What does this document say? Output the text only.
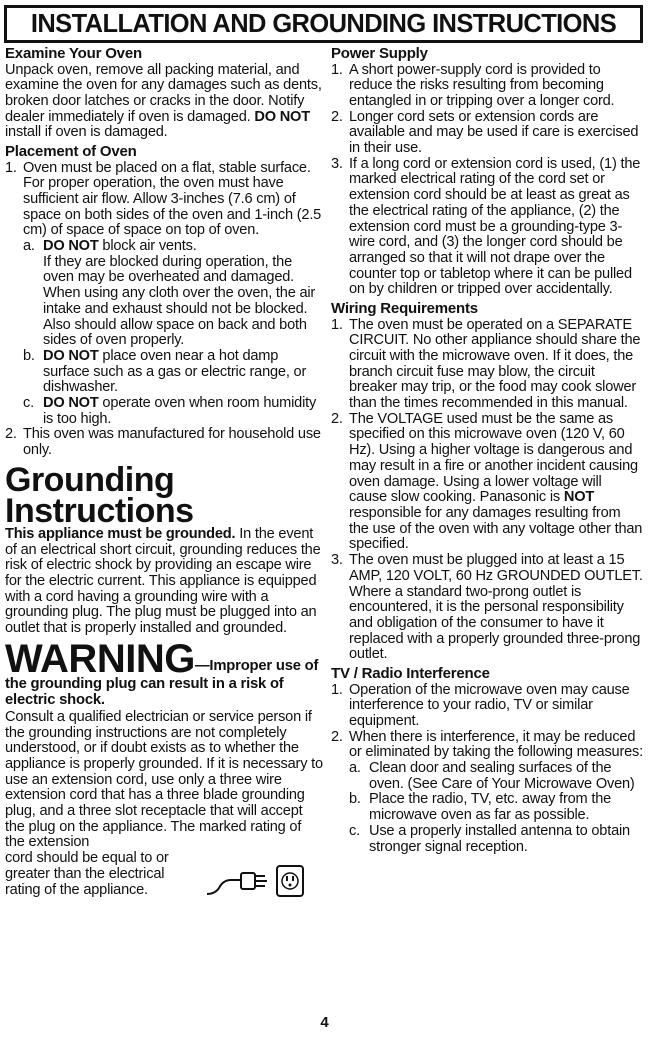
INSTALLATION AND GROUNDING INSTRUCTIONS
Examine Your Oven

Unpack oven, remove all packing material, and examine the oven for any damages such as dents, broken door latches or cracks in the door. Notify dealer immediately if oven is damaged. DO NOT install if oven is damaged.

Placement of Oven
1. Oven must be placed on a flat, stable surface. For proper operation, the oven must have sufficient air flow. Allow 3-inches (7.6 cm) of space on both sides of the oven and 1-inch (2.5 cm) of space of space on top of oven.
a. DO NOT block air vents.

If they are blocked during operation, the oven may be overheated and damaged.

When using any cloth over the oven, the air intake and exhaust should not be blocked. Also should allow space on back and both sides of oven properly.

b. DO NOT place oven near a hot damp surface such as a gas or electric range, or dishwasher.
c. DO NOT operate oven when room humidity is too high.
2. This oven was manufactured for household use only.
Grounding
Instructions

This appliance must be grounded. In the event of an electrical short circuit, grounding reduces the risk of electric shock by providing an escape wire for the electric current. This appliance is equipped with a cord having a grounding wire with a grounding plug. The plug must be plugged into an outlet that is properly installed and grounded.

WARNING —Improper use of
the grounding plug can result in a risk of electric shock.

Consult a qualified electrician or service person if the grounding instructions are not completely understood, or if doubt exists as to whether the appliance is properly grounded. If it is necessary to use an extension cord, use only a three wire extension cord that has a three blade grounding plug, and a three slot receptacle that will accept the plug on the appliance. The marked rating of the extension

cord should be equal to or greater than the electrical rating of the appliance.
Power Supply
1. A short power-supply cord is provided to reduce the risks resulting from becoming entangled in or tripping over a longer cord.
2. Longer cord sets or extension cords are available and may be used if care is exercised in their use.
3. If a long cord or extension cord is used, (1) the marked electrical rating of the cord set or extension cord should be at least as great as the electrical rating of the appliance, (2) the extension cord must be a grounding-type 3-wire cord, and (3) the longer cord should be arranged so that it will not drape over the counter top or tabletop where it can be pulled on by children or tripped over accidentally.
Wiring Requirements
1. The oven must be operated on a SEPARATE CIRCUIT. No other appliance should share the circuit with the microwave oven. If it does, the branch circuit fuse may blow, the circuit breaker may trip, or the food may cook slower than the times recommended in this manual.
2. The VOLTAGE used must be the same as specified on this microwave oven (120 V, 60 Hz). Using a higher voltage is dangerous and may result in a fire or another incident causing oven damage. Using a lower voltage will cause slow cooking. Panasonic is NOT responsible for any damages resulting from the use of the oven with any voltage other than specified.
3. The oven must be plugged into at least a 15 AMP, 120 VOLT, 60 Hz GROUNDED OUTLET. Where a standard two-prong outlet is encountered, it is the personal responsibility and obligation of the consumer to have it replaced with a properly grounded three-prong outlet.
TV / Radio Interference
1. Operation of the microwave oven may cause interference to your radio, TV or similar equipment.
2. When there is interference, it may be reduced or eliminated by taking the following measures:
a. Clean door and sealing surfaces of the oven. (See Care of Your Microwave Oven)
b. Place the radio, TV, etc. away from the microwave oven as far as possible.
c. Use a properly installed antenna to obtain stronger signal reception.
4
